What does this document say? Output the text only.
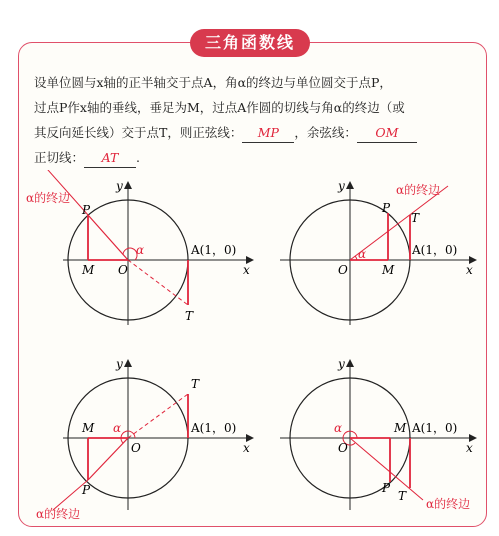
三角函数线
设单位圆与x轴的正半轴交于点A，角α的终边与单位圆交于点P，
过点P作x轴的垂线，垂足为M，过点A作圆的切线与角α的终边（或
其反向延长线）交于点T，则正弦线： MP ，余弦线： OM
正切线： AT .
α的终边
P
M O
α	A(1，0)
T
x
y	α的终边
P
T
M
O
α	A(1，0)
x
y
α的终边
M
P
O
α
T
A(1，0)
x
y
M
O
α
P
T
A(1，0)
α的终边
x
y
